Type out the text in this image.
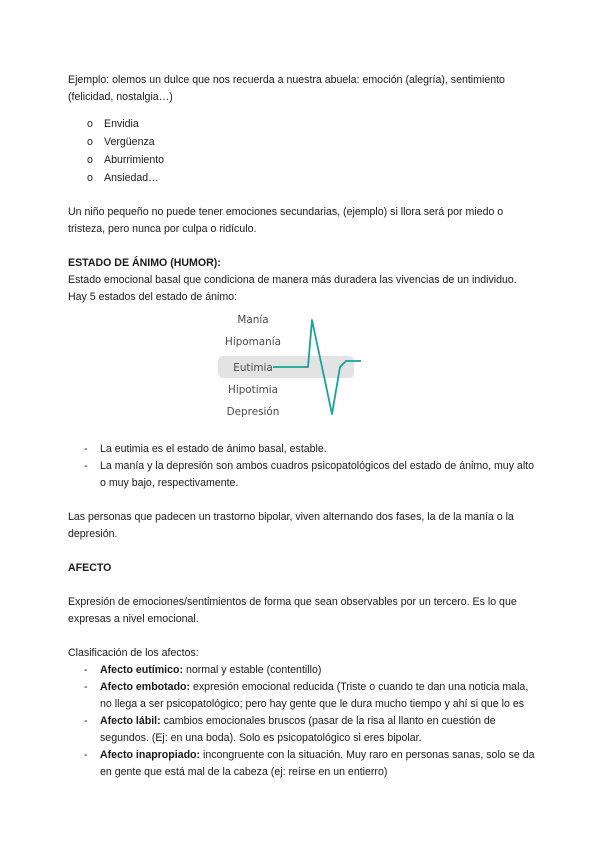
Ejemplo: olemos un dulce que nos recuerda a nuestra abuela: emoción (alegría), sentimiento (felicidad, nostalgia…)

o Envidia
o Vergüenza
o Aburrimiento
o Ansiedad…

Un niño pequeño no puede tener emociones secundarias, (ejemplo) si llora será por miedo o tristeza, pero nunca por culpa o ridículo.

ESTADO DE ÁNIMO (HUMOR):

Estado emocional basal que condiciona de manera más duradera las vivencias de un individuo.

Hay 5 estados del estado de ánimo:

Manía
Hipomanía
Eutimia
Hipotimia
Depresión
- La eutimia es el estado de ánimo basal, estable.
- La manía y la depresión son ambos cuadros psicopatológicos del estado de ánimo, muy alto o muy bajo, respectivamente.

Las personas que padecen un trastorno bipolar, viven alternando dos fases, la de la manía o la depresión.

AFECTO

Expresión de emociones/sentimientos de forma que sean observables por un tercero. Es lo que expresas a nivel emocional.

Clasificación de los afectos:

- Afecto eutímico: normal y estable (contentillo)
- Afecto embotado: expresión emocional reducida (Triste o cuando te dan una noticia mala, no llega a ser psicopatológico; pero hay gente que le dura mucho tiempo y ahí si que lo es
- Afecto lábil: cambios emocionales bruscos (pasar de la risa al llanto en cuestión de segundos. (Ej: en una boda). Solo es psicopatológico si eres bipolar.
- Afecto inapropiado: incongruente con la situación. Muy raro en personas sanas, solo se da en gente que está mal de la cabeza (ej: reírse en un entierro)
